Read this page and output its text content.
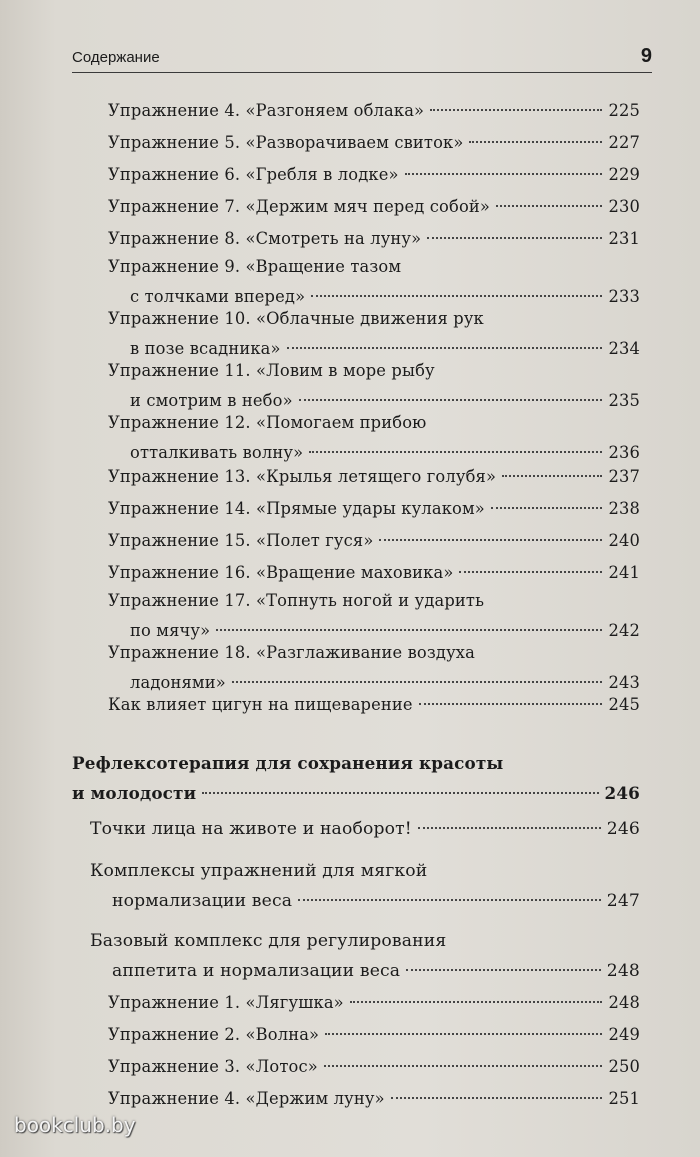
Содержание	9
Упражнение 4. «Разгоняем облака»	225
Упражнение 5. «Разворачиваем свиток»	227
Упражнение 6. «Гребля в лодке»	229
Упражнение 7. «Держим мяч перед собой»	230
Упражнение 8. «Смотреть на луну»	231
Упражнение 9. «Вращение тазом
с толчками вперед»	233
Упражнение 10. «Облачные движения рук
в позе всадника»	234
Упражнение 11. «Ловим в море рыбу
и смотрим в небо»	235
Упражнение 12. «Помогаем прибою
отталкивать волну»	236
Упражнение 13. «Крылья летящего голубя»	237
Упражнение 14. «Прямые удары кулаком»	238
Упражнение 15. «Полет гуся»	240
Упражнение 16. «Вращение маховика»	241
Упражнение 17. «Топнуть ногой и ударить
по мячу»	242
Упражнение 18. «Разглаживание воздуха
ладонями»	243
Как влияет цигун на пищеварение	245
Рефлексотерапия для сохранения красоты
и молодости	246
Точки лица на животе и наоборот!	246
Комплексы упражнений для мягкой
нормализации веса	247
Базовый комплекс для регулирования
аппетита и нормализации веса	248
Упражнение 1. «Лягушка»	248
Упражнение 2. «Волна»	249
Упражнение 3. «Лотос»	250
Упражнение 4. «Держим луну»	251
bookclub.by
